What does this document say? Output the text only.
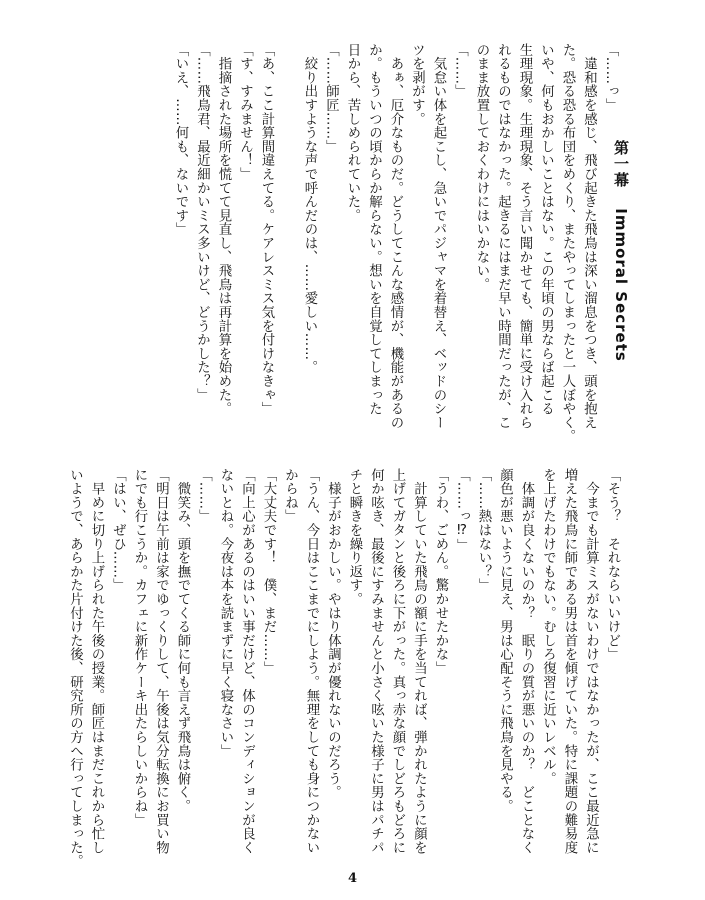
第一幕 Immoral Secrets
「……っ」
　違和感を感じ、飛び起きた飛鳥は深い溜息をつき、頭を抱え
た。恐る恐る布団をめくり、またやってしまったと一人ぼやく。
いや、何もおかしいことはない。この年頃の男ならば起こる
生理現象。生理現象、そう言い聞かせても、簡単に受け入れら
れるものではなかった。起きるにはまだ早い時間だったが、こ
のまま放置しておくわけにはいかない。
「……」
　気怠い体を起こし、急いでパジャマを着替え、ベッドのシー
ツを剥がす。
　あぁ、厄介なものだ。どうしてこんな感情が、機能があるの
か。もういつの頃からか解らない。想いを自覚してしまった
日から、苦しめられていた。
「……師匠……」
　絞り出すような声で呼んだのは、……愛しい……。
「あ、ここ計算間違えてる。ケアレスミス気を付けなきゃ」
「す、すみません！」
　指摘された場所を慌てて見直し、飛鳥は再計算を始めた。
「……飛鳥君、最近細かいミス多いけど、どうかした？」
「いえ、……何も、ないです」
「そう？　それならいいけど」
　今までも計算ミスがないわけではなかったが、ここ最近急に
増えた飛鳥に師である男は首を傾げていた。特に課題の難易度
を上げたわけでもない。むしろ復習に近いレベル。
　体調が良くないのか？　眠りの質が悪いのか？　どことなく
顔色が悪いように見え、男は心配そうに飛鳥を見やる。
「……熱はない？」
「……っ⁉」
「うわ、ごめん。驚かせたかな」
　計算していた飛鳥の額に手を当てれば、弾かれたように顔を
上げてガタンと後ろに下がった。真っ赤な顔でしどろもどろに
何か呟き、最後にすみませんと小さく呟いた様子に男はパチパ
チと瞬きを繰り返す。
　様子がおかしい。やはり体調が優れないのだろう。
「うん、今日はここまでにしよう。無理をしても身につかない
からね」
「大丈夫です！　僕、まだ……」
「向上心があるのはいい事だけど、体のコンディションが良く
ないとね。今夜は本を読まずに早く寝なさい」
「……」
　微笑み、頭を撫でてくる師に何も言えず飛鳥は俯く。
「明日は午前は家でゆっくりして、午後は気分転換にお買い物
にでも行こうか。カフェに新作ケーキ出たらしいからね」
「はい、ぜひ……」
　早めに切り上げられた午後の授業。師匠はまだこれから忙し
いようで、あらかた片付けた後、研究所の方へ行ってしまった。
4
